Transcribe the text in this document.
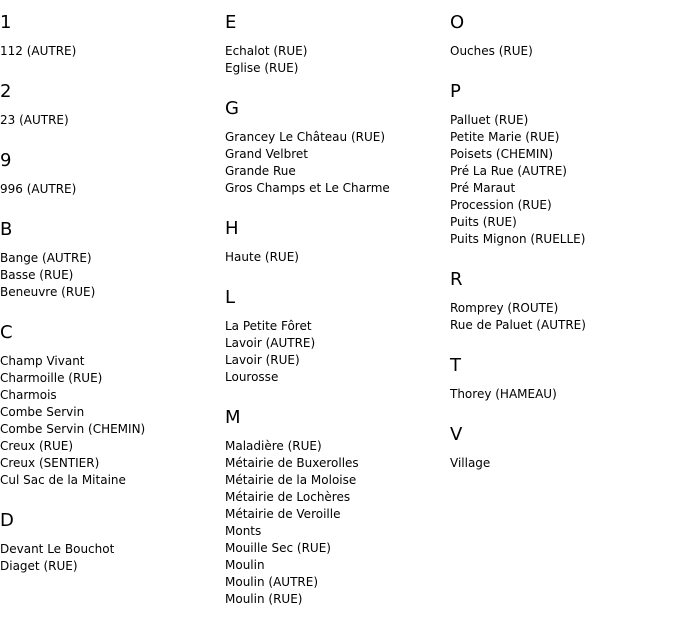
1
112 (AUTRE)
2
23 (AUTRE)
9
996 (AUTRE)
B
Bange (AUTRE)
Basse (RUE)
Beneuvre (RUE)
C
Champ Vivant
Charmoille (RUE)
Charmois
Combe Servin
Combe Servin (CHEMIN)
Creux (RUE)
Creux (SENTIER)
Cul Sac de la Mitaine
D
Devant Le Bouchot
Diaget (RUE)
E
Echalot (RUE)
Eglise (RUE)
G
Grancey Le Château (RUE)
Grand Velbret
Grande Rue
Gros Champs et Le Charme
H
Haute (RUE)
L
La Petite Fôret
Lavoir (AUTRE)
Lavoir (RUE)
Lourosse
M
Maladière (RUE)
Métairie de Buxerolles
Métairie de la Moloise
Métairie de Lochères
Métairie de Veroille
Monts
Mouille Sec (RUE)
Moulin
Moulin (AUTRE)
Moulin (RUE)
O
Ouches (RUE)
P
Palluet (RUE)
Petite Marie (RUE)
Poisets (CHEMIN)
Pré La Rue (AUTRE)
Pré Maraut
Procession (RUE)
Puits (RUE)
Puits Mignon (RUELLE)
R
Romprey (ROUTE)
Rue de Paluet (AUTRE)
T
Thorey (HAMEAU)
V
Village
